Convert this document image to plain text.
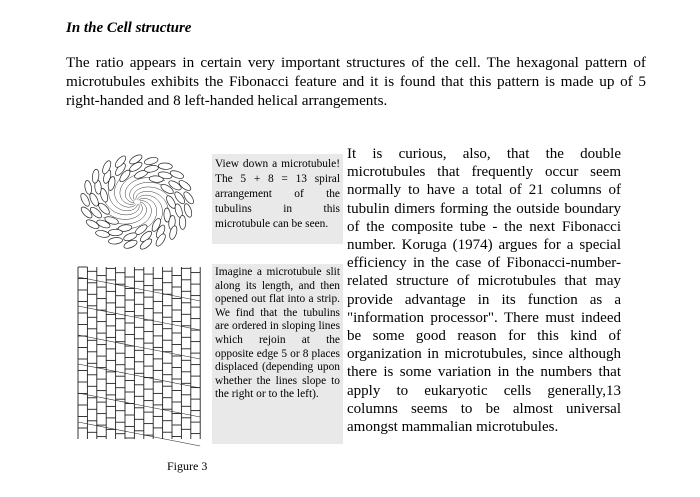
In the Cell structure
The ratio appears in certain very important structures of the cell. The hexagonal pattern of microtubules exhibits the Fibonacci feature and it is found that this pattern is made up of 5 right-handed and 8 left-handed helical arrangements.
View down a microtubule! The 5 + 8 = 13 spiral arrangement of the tubulins in this microtubule can be seen.
Imagine a microtubule slit along its length, and then opened out flat into a strip. We find that the tubulins are ordered in sloping lines which rejoin at the opposite edge 5 or 8 places displaced (depending upon whether the lines slope to the right or to the left).
It is curious, also, that the double microtubules that frequently occur seem normally to have a total of 21 columns of tubulin dimers forming the outside boundary of the composite tube - the next Fibonacci number. Koruga (1974) argues for a special efficiency in the case of Fibonacci-number-related structure of microtubules that may provide advantage in its function as a "information processor". There must indeed be some good reason for this kind of organization in microtubules, since although there is some variation in the numbers that apply to eukaryotic cells generally,13 columns seems to be almost universal amongst mammalian microtubules.
Figure 3
